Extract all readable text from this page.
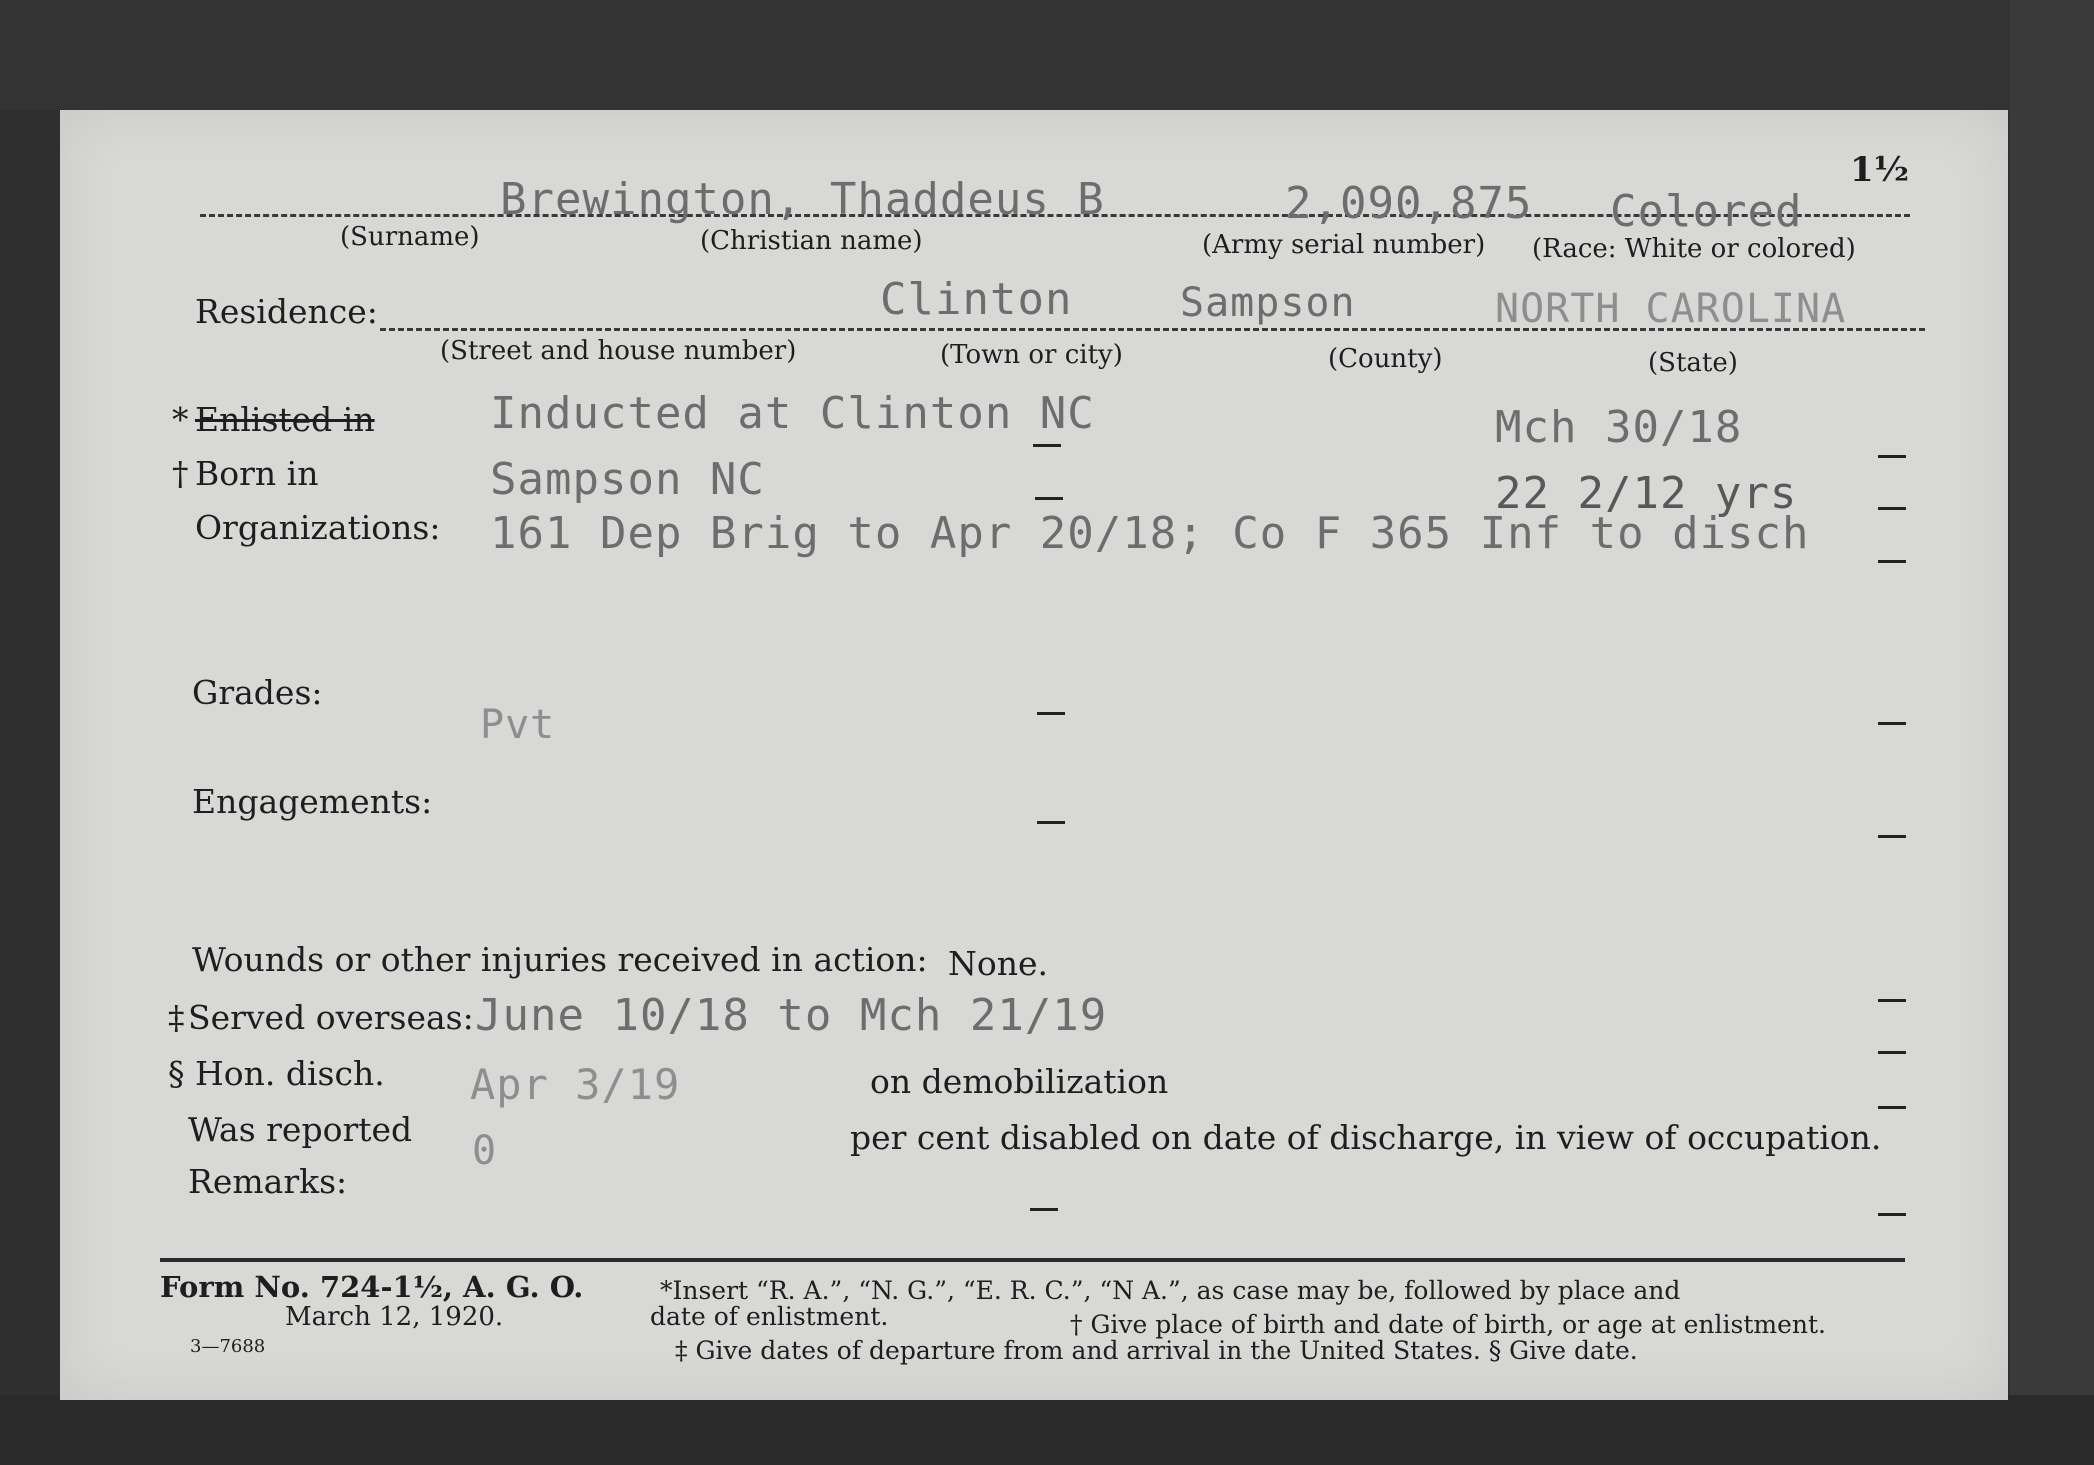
1½
Brewington, Thaddeus B	2,090,875 Colored
(Surname)	(Christian name)	(Army serial number) (Race: White or colored)
Residence:	Clinton	Sampson	NORTH CAROLINA
(Street and house number)	(Town or city)	(County)	(State)
* Enlisted in	Inducted at Clinton NC	Mch 30/18
† Born in	Sampson NC	22 2/12 yrs
Organizations: 161 Dep Brig to Apr 20/18; Co F 365 Inf to disch
Grades:
Pvt
Engagements:
Wounds or other injuries received in action: None.
‡ Served overseas: June 10/18 to Mch 21/19
§ Hon. disch. Apr 3/19	on demobilization
Was reported 0	per cent disabled on date of discharge, in view of occupation.
Remarks:
Form No. 724-1½, A. G. O.
March 12, 1920.
3—7688
*Insert “R. A.”, “N. G.”, “E. R. C.”, “N A.”, as case may be, followed by place and
date of enlistment.	† Give place of birth and date of birth, or age at enlistment.
‡ Give dates of departure from and arrival in the United States. § Give date.
